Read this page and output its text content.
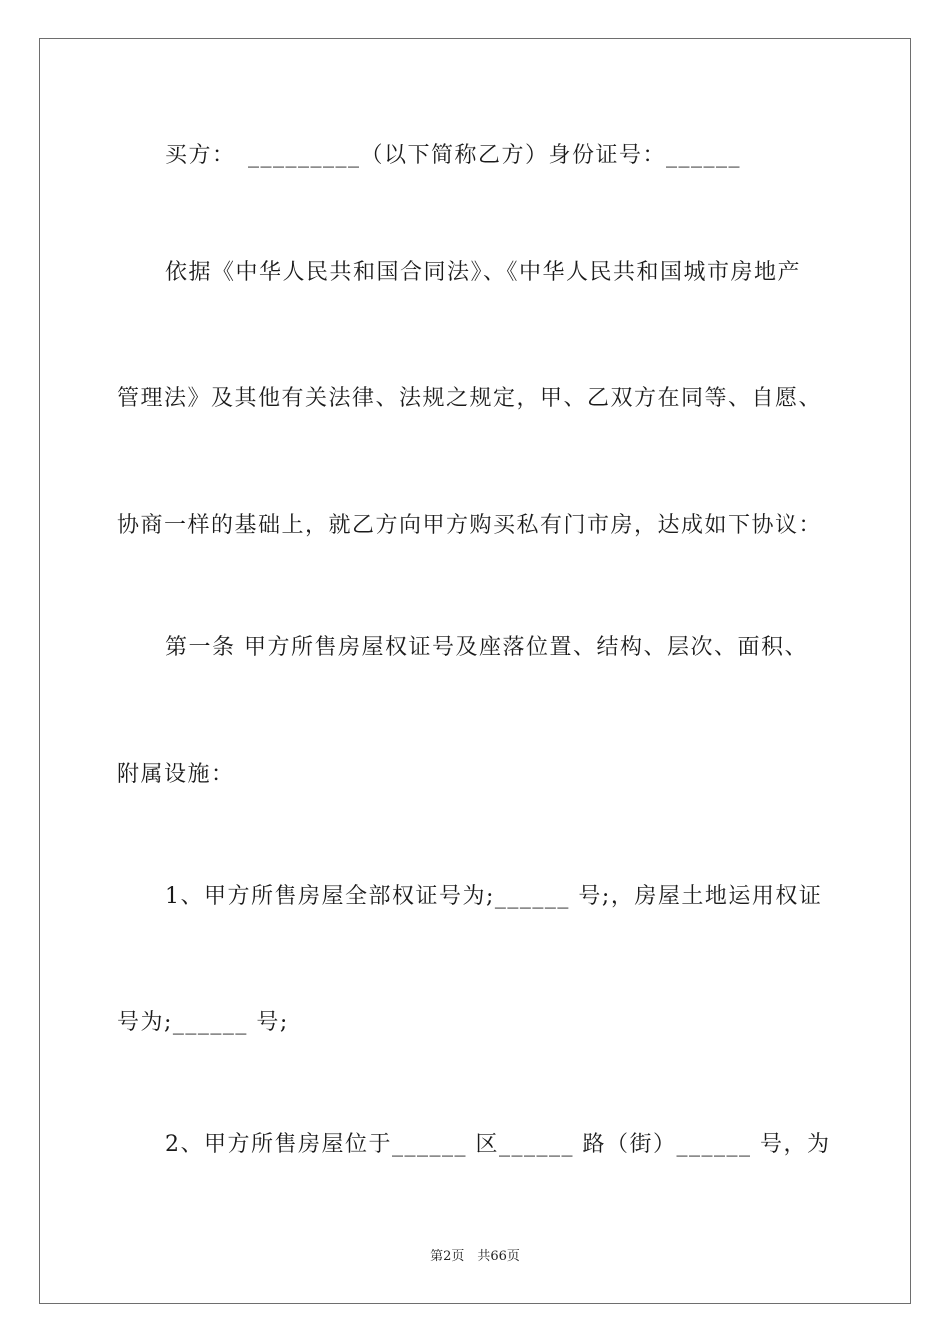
买方：　_________（以下简称乙方）身份证号：______
依据《中华人民共和国合同法》、《中华人民共和国城市房地产
管理法》及其他有关法律、法规之规定，甲、乙双方在同等、自愿、
协商一样的基础上，就乙方向甲方购买私有门市房，达成如下协议：
第一条 甲方所售房屋权证号及座落位置、结构、层次、面积、
附属设施：
1、甲方所售房屋全部权证号为;______ 号;，房屋土地运用权证
号为;______ 号;
2、甲方所售房屋位于______ 区______ 路（街）______ 号，为
第2页　共66页
